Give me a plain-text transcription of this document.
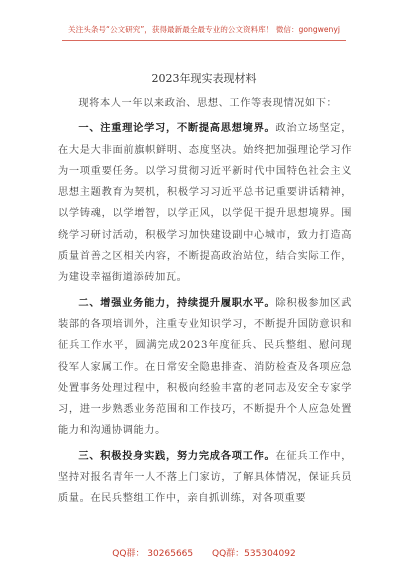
关注头条号“公文研究”，获得最新最全最专业的公文资料库！ 微信：gongwenyj
2023年现实表现材料

现将本人一年以来政治、思想、工作等表现情况如下：

一、注重理论学习，不断提高思想境界。政治立场坚定，在大是大非面前旗帜鲜明、态度坚决。始终把加强理论学习作为一项重要任务。以学习贯彻习近平新时代中国特色社会主义思想主题教育为契机，积极学习习近平总书记重要讲话精神，以学铸魂，以学增智，以学正风，以学促干提升思想境界。围绕学习研讨活动，积极学习加快建设副中心城市，致力打造高质量首善之区相关内容，不断提高政治站位，结合实际工作，为建设幸福街道添砖加瓦。

二、增强业务能力，持续提升履职水平。除积极参加区武装部的各项培训外，注重专业知识学习，不断提升国防意识和征兵工作水平，圆满完成2023年度征兵、民兵整组、慰问现役军人家属工作。在日常安全隐患排查、消防检查及各项应急处置事务处理过程中，积极向经验丰富的老同志及安全专家学习，进一步熟悉业务范围和工作技巧，不断提升个人应急处置能力和沟通协调能力。

三、积极投身实践，努力完成各项工作。在征兵工作中，坚持对报名青年一人不落上门家访，了解具体情况，保证兵员质量。在民兵整组工作中，亲自抓训练，对各项重要

QQ群： 30265665 QQ群：535304092
